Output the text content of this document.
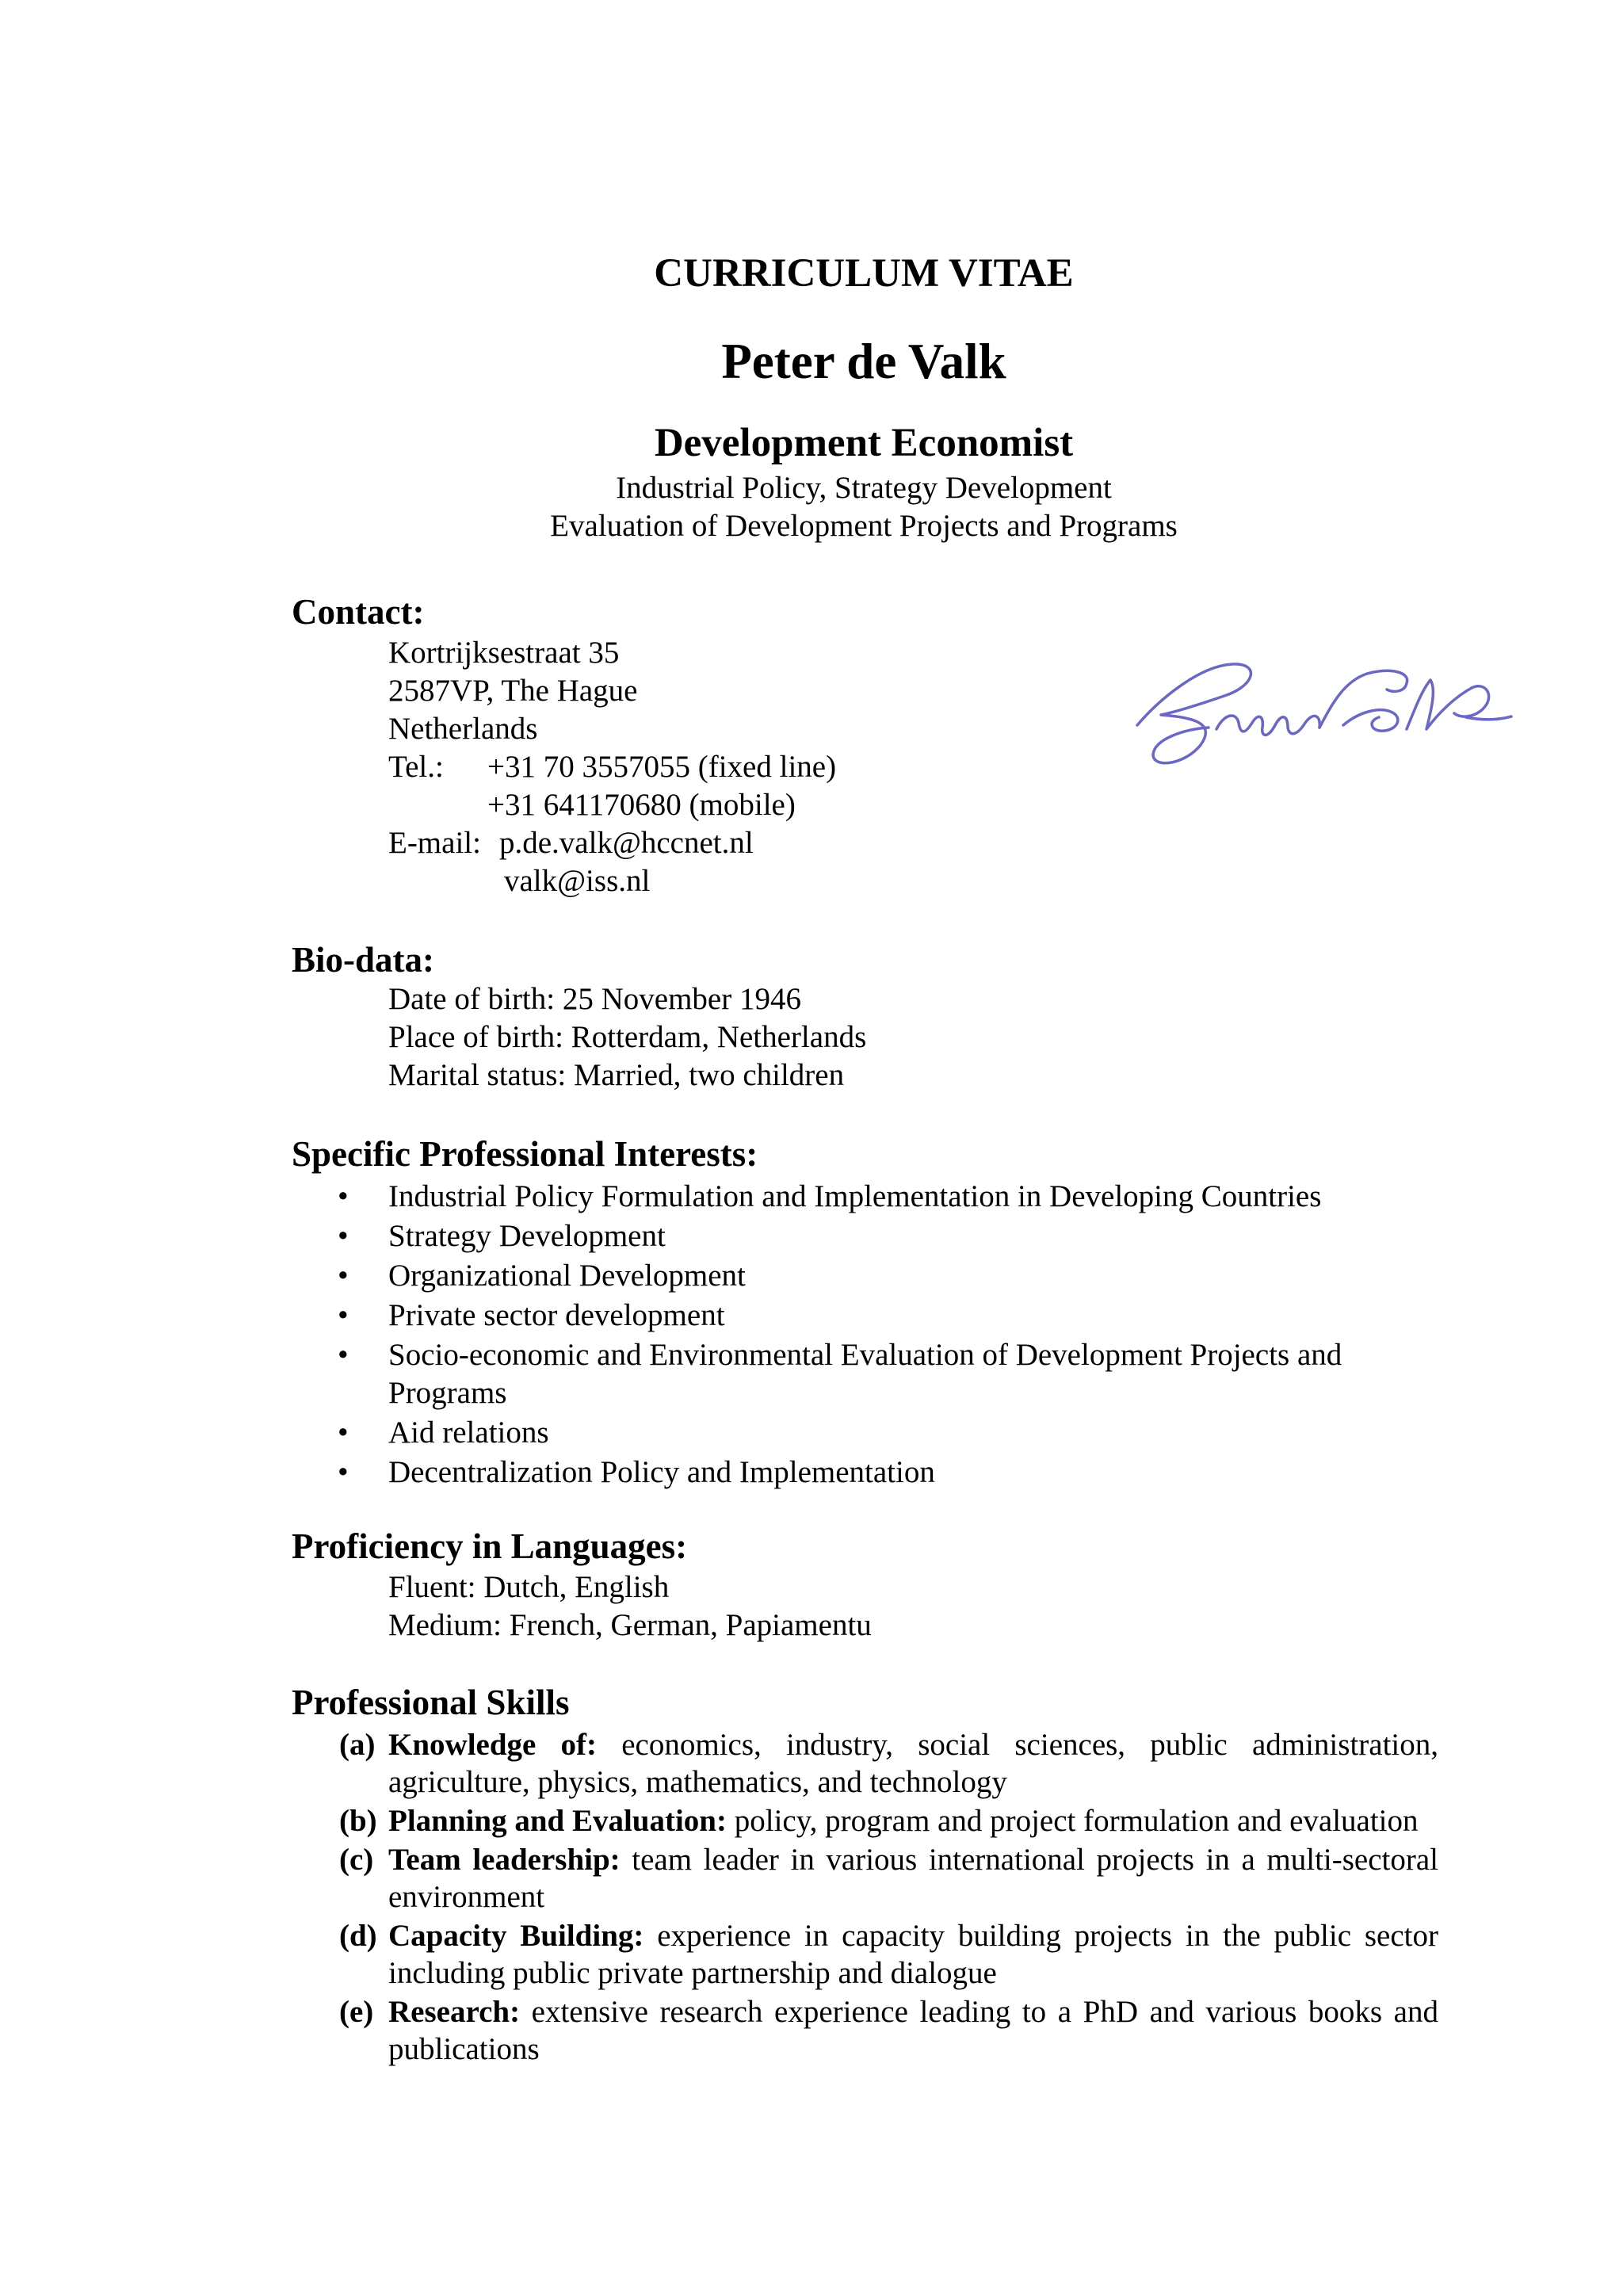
CURRICULUM VITAE
Peter de Valk
Development Economist
Industrial Policy, Strategy Development
Evaluation of Development Projects and Programs
Contact:
Kortrijksestraat 35
2587VP, The Hague
Netherlands
Tel.: +31 70 3557055 (fixed line)
+31 641170680 (mobile)
E-mail: p.de.valk@hccnet.nl
valk@iss.nl
Bio-data:
Date of birth: 25 November 1946
Place of birth: Rotterdam, Netherlands
Marital status: Married, two children
Specific Professional Interests:
• Industrial Policy Formulation and Implementation in Developing Countries
• Strategy Development
• Organizational Development
• Private sector development
• Socio-economic and Environmental Evaluation of Development Projects and Programs
• Aid relations
• Decentralization Policy and Implementation
Proficiency in Languages:
Fluent: Dutch, English
Medium: French, German, Papiamentu
Professional Skills
(a) Knowledge of: economics, industry, social sciences, public administration, agriculture, physics, mathematics, and technology
(b) Planning and Evaluation: policy, program and project formulation and evaluation
(c) Team leadership: team leader in various international projects in a multi-sectoral environment
(d) Capacity Building: experience in capacity building projects in the public sector including public private partnership and dialogue
(e) Research: extensive research experience leading to a PhD and various books and publications
